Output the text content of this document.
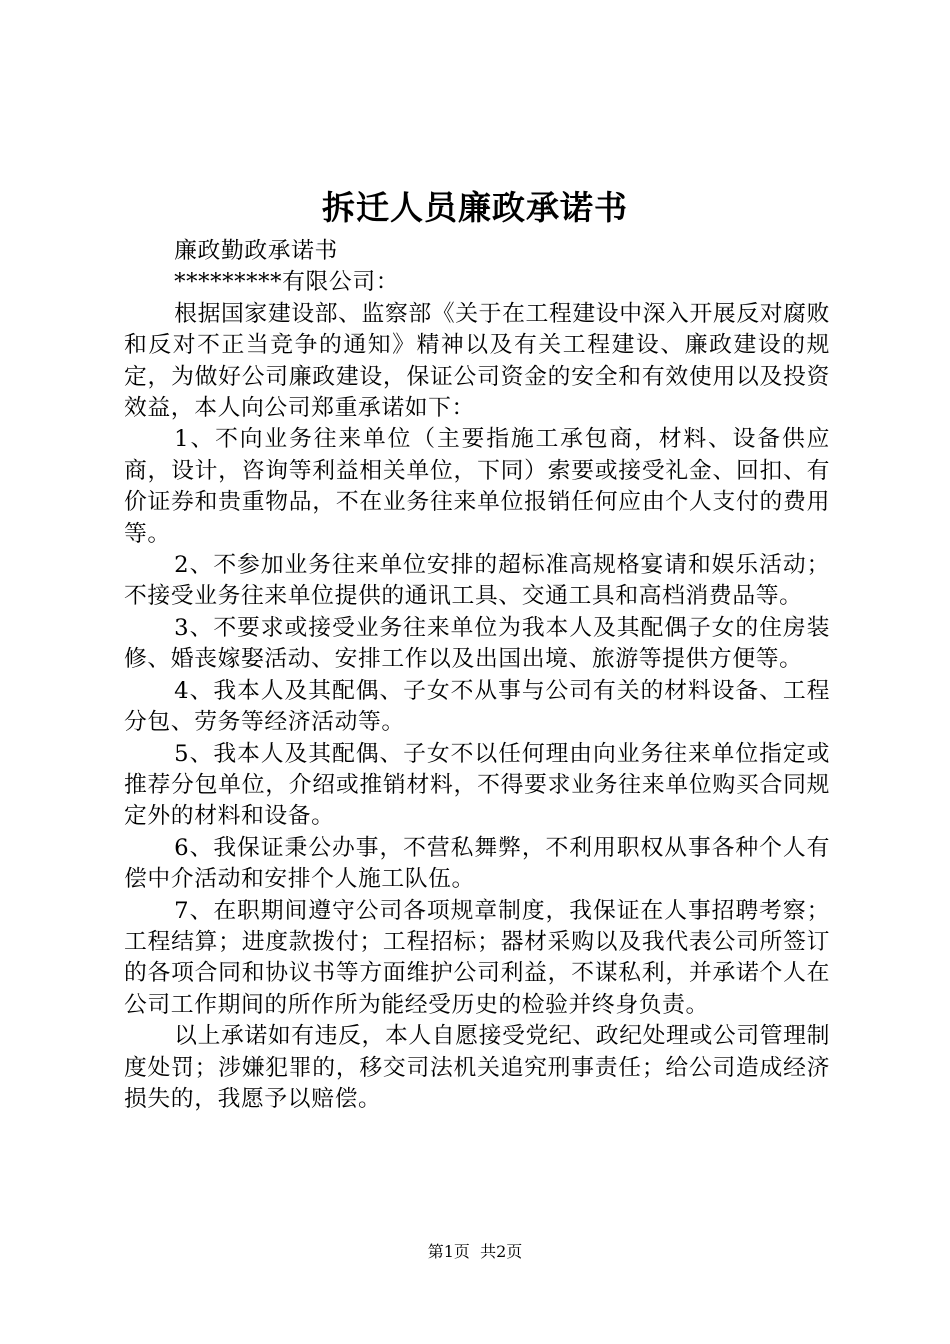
拆迁人员廉政承诺书

廉政勤政承诺书

*********有限公司：

根据国家建设部、监察部《关于在工程建设中深入开展反对腐败和反对不正当竞争的通知》精神以及有关工程建设、廉政建设的规定，为做好公司廉政建设，保证公司资金的安全和有效使用以及投资效益，本人向公司郑重承诺如下：

1、不向业务往来单位（主要指施工承包商，材料、设备供应商，设计，咨询等利益相关单位，下同）索要或接受礼金、回扣、有价证券和贵重物品，不在业务往来单位报销任何应由个人支付的费用等。

2、不参加业务往来单位安排的超标准高规格宴请和娱乐活动；不接受业务往来单位提供的通讯工具、交通工具和高档消费品等。

3、不要求或接受业务往来单位为我本人及其配偶子女的住房装修、婚丧嫁娶活动、安排工作以及出国出境、旅游等提供方便等。

4、我本人及其配偶、子女不从事与公司有关的材料设备、工程分包、劳务等经济活动等。

5、我本人及其配偶、子女不以任何理由向业务往来单位指定或推荐分包单位，介绍或推销材料，不得要求业务往来单位购买合同规定外的材料和设备。

6、我保证秉公办事，不营私舞弊，不利用职权从事各种个人有偿中介活动和安排个人施工队伍。

7、在职期间遵守公司各项规章制度，我保证在人事招聘考察；工程结算；进度款拨付；工程招标；器材采购以及我代表公司所签订的各项合同和协议书等方面维护公司利益，不谋私利，并承诺个人在公司工作期间的所作所为能经受历史的检验并终身负责。

以上承诺如有违反，本人自愿接受党纪、政纪处理或公司管理制度处罚；涉嫌犯罪的，移交司法机关追究刑事责任；给公司造成经济损失的，我愿予以赔偿。

第1页  共2页
